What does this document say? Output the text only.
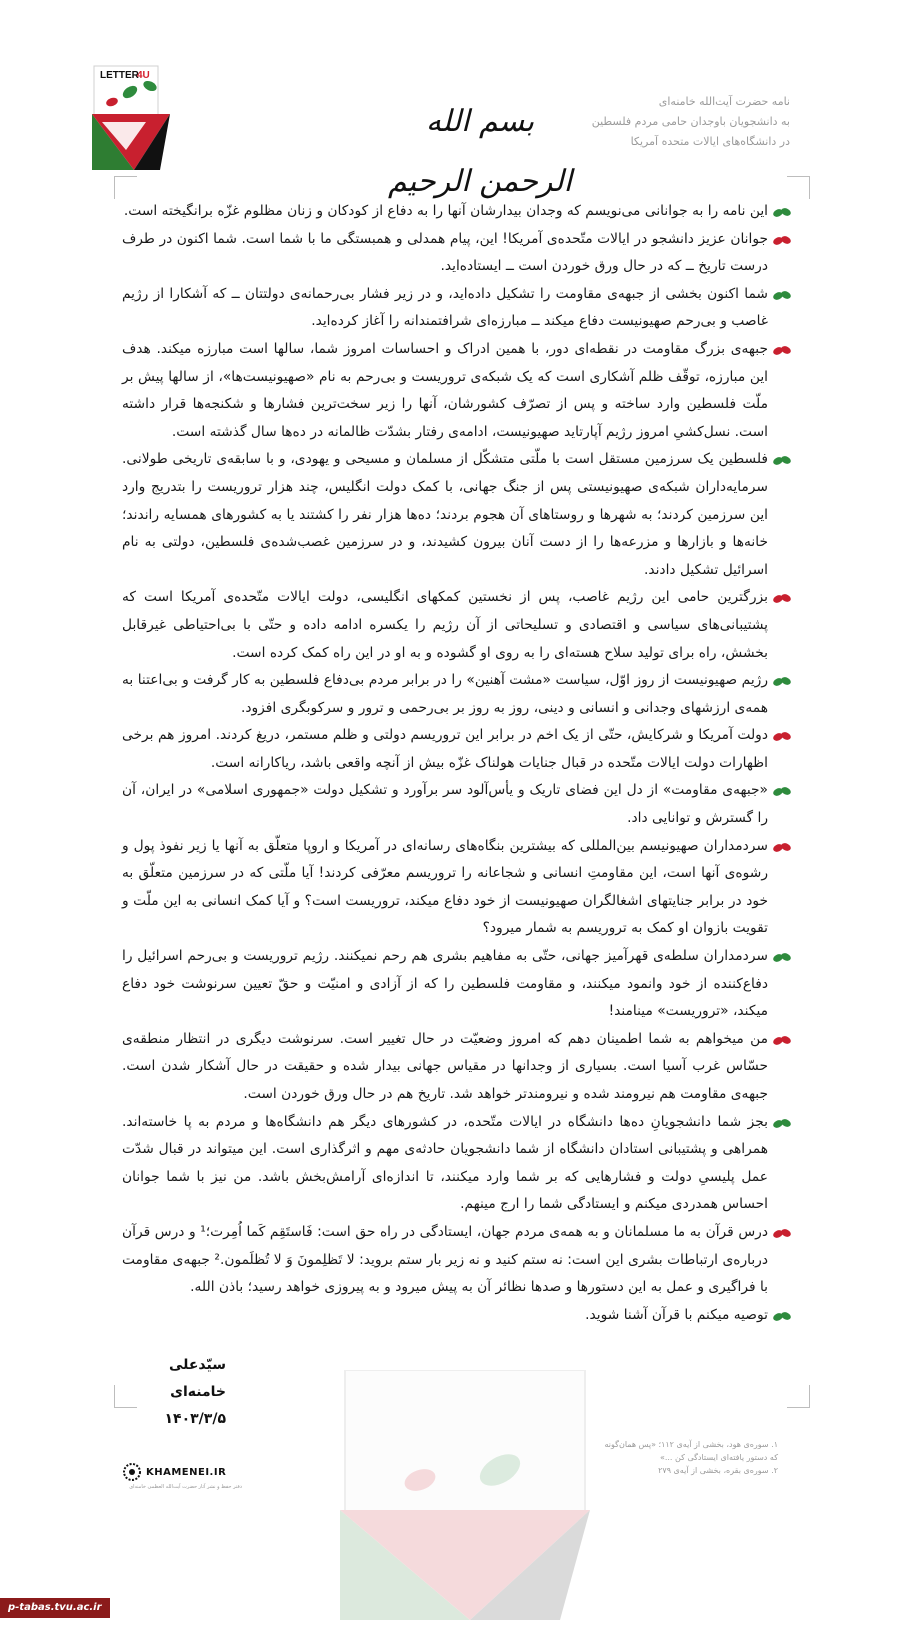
LETTER
4U
بسم الله الرحمن الرحیم
نامه حضرت آیت‌الله خامنه‌ای
به دانشجویان باوجدان حامی مردم فلسطین
در دانشگاه‌های ایالات متحده آمریکا

این نامه را به جوانانی می‌نویسم که وجدان بیدارشان آنها را به دفاع از کودکان و زنان مظلوم غزّه برانگیخته است.

جوانان عزیز دانشجو در ایالات متّحده‌ی آمریکا! این، پیام همدلی و همبستگی ما با شما است. شما اکنون در طرف درست تاریخ ــ که در حال ورق خوردن است ــ ایستاده‌اید.

شما اکنون بخشی از جبهه‌ی مقاومت را تشکیل داده‌اید، و در زیر فشار بی‌رحمانه‌ی دولتتان ــ که آشکارا از رژیم غاصب و بی‌رحم صهیونیست دفاع میکند ــ مبارزه‌ای شرافتمندانه را آغاز کرده‌اید.

جبهه‌ی بزرگ مقاومت در نقطه‌ای دور، با همین ادراک و احساسات امروز شما، سالها است مبارزه میکند. هدف این مبارزه، توقّف ظلم آشکاری است که یک شبکه‌ی تروریست و بی‌رحم به نام «صهیونیست‌ها»، از سالها پیش بر ملّت فلسطین وارد ساخته و پس از تصرّف کشورشان، آنها را زیر سخت‌ترین فشارها و شکنجه‌ها قرار داشته است. نسل‌کشیِ امروز رژیم آپارتاید صهیونیست، ادامه‌ی رفتار بشدّت ظالمانه در ده‌ها سال گذشته است.

فلسطین یک سرزمین مستقل است با ملّتی متشکّل از مسلمان و مسیحی و یهودی، و با سابقه‌ی تاریخی طولانی. سرمایه‌داران شبکه‌ی صهیونیستی پس از جنگ جهانی، با کمک دولت انگلیس، چند هزار تروریست را بتدریج وارد این سرزمین کردند؛ به شهرها و روستاهای آن هجوم بردند؛ ده‌ها هزار نفر را کشتند یا به کشورهای همسایه راندند؛ خانه‌ها و بازارها و مزرعه‌ها را از دست آنان بیرون کشیدند، و در سرزمین غصب‌شده‌ی فلسطین، دولتی به نام اسرائیل تشکیل دادند.

بزرگترین حامی این رژیم غاصب، پس از نخستین کمکهای انگلیسی، دولت ایالات متّحده‌ی آمریکا است که پشتیبانی‌های سیاسی و اقتصادی و تسلیحاتی از آن رژیم را یکسره ادامه داده و حتّی با بی‌احتیاطی غیرقابل بخشش، راه برای تولید سلاح هسته‌ای را به روی او گشوده و به او در این راه کمک کرده است.

رژیم صهیونیست از روز اوّل، سیاست «مشت آهنین» را در برابر مردم بی‌دفاع فلسطین به کار گرفت و بی‌اعتنا به همه‌ی ارزشهای وجدانی و انسانی و دینی، روز به روز بر بی‌رحمی و ترور و سرکوبگری افزود.

دولت آمریکا و شرکایش، حتّی از یک اخم در برابر این تروریسم دولتی و ظلم مستمر، دریغ کردند. امروز هم برخی اظهارات دولت ایالات متّحده در قبال جنایات هولناک غزّه بیش از آنچه واقعی باشد، ریاکارانه است.

«جبهه‌ی مقاومت» از دل این فضای تاریک و یأس‌آلود سر برآورد و تشکیل دولت «جمهوری اسلامی» در ایران، آن را گسترش و توانایی داد.

سردمداران صهیونیسم بین‌المللی که بیشترین بنگاه‌های رسانه‌ای در آمریکا و اروپا متعلّق به آنها یا زیر نفوذ پول و رشوه‌ی آنها است، این مقاومتِ انسانی و شجاعانه را تروریسم معرّفی کردند! آیا ملّتی که در سرزمین متعلّق به خود در برابر جنایتهای اشغالگران صهیونیست از خود دفاع میکند، تروریست است؟ و آیا کمک انسانی به این ملّت و تقویت بازوان او کمک به تروریسم به شمار میرود؟

سردمداران سلطه‌ی قهرآمیز جهانی، حتّی به مفاهیم بشری هم رحم نمیکنند. رژیم تروریست و بی‌رحم اسرائیل را دفاع‌کننده از خود وانمود میکنند، و مقاومت فلسطین را که از آزادی و امنیّت و حقّ تعیین سرنوشت خود دفاع میکند، «تروریست» مینامند!

من میخواهم به شما اطمینان دهم که امروز وضعیّت در حال تغییر است. سرنوشت دیگری در انتظار منطقه‌ی حسّاس غرب آسیا است. بسیاری از وجدانها در مقیاس جهانی بیدار شده و حقیقت در حال آشکار شدن است. جبهه‌ی مقاومت هم نیرومند شده و نیرومندتر خواهد شد. تاریخ هم در حال ورق خوردن است.

بجز شما دانشجویانِ ده‌ها دانشگاه در ایالات متّحده، در کشورهای دیگر هم دانشگاه‌ها و مردم به پا خاسته‌اند. همراهی و پشتیبانی استادان دانشگاه از شما دانشجویان حادثه‌ی مهم و اثرگذاری است. این میتواند در قبال شدّت عمل پلیسیِ دولت و فشارهایی که بر شما وارد میکنند، تا اندازه‌ای آرامش‌بخش باشد. من نیز با شما جوانان احساس همدردی میکنم و ایستادگی شما را ارج مینهم.

درس قرآن به ما مسلمانان و به همه‌ی مردم جهان، ایستادگی در راه حق است: فَاستَقِم کَما اُمِرت؛¹ و درس قرآن درباره‌ی ارتباطات بشری این است: نه ستم کنید و نه زیر بار ستم بروید: لا تَظلِمونَ وَ لا تُظلَمون.² جبهه‌ی مقاومت با فراگیری و عمل به این دستورها و صدها نظائر آن به پیش میرود و به پیروزی خواهد رسید؛ باذن الله.

توصیه میکنم با قرآن آشنا شوید.

سیّدعلی خامنه‌ای
۱۴۰۳/۳/۵
۱. سوره‌ی هود، بخشی از آیه‌ی ۱۱۲؛ «پس همان‌گونه
که دستور یافته‌ای ایستادگی کن ...»
۲. سوره‌ی بقره، بخشی از آیه‌ی ۲۷۹
KHAMENEI.IR
دفتر حفظ و نشر آثار حضرت آیت‌الله العظمی خامنه‌ای
p-tabas.tvu.ac.ir
